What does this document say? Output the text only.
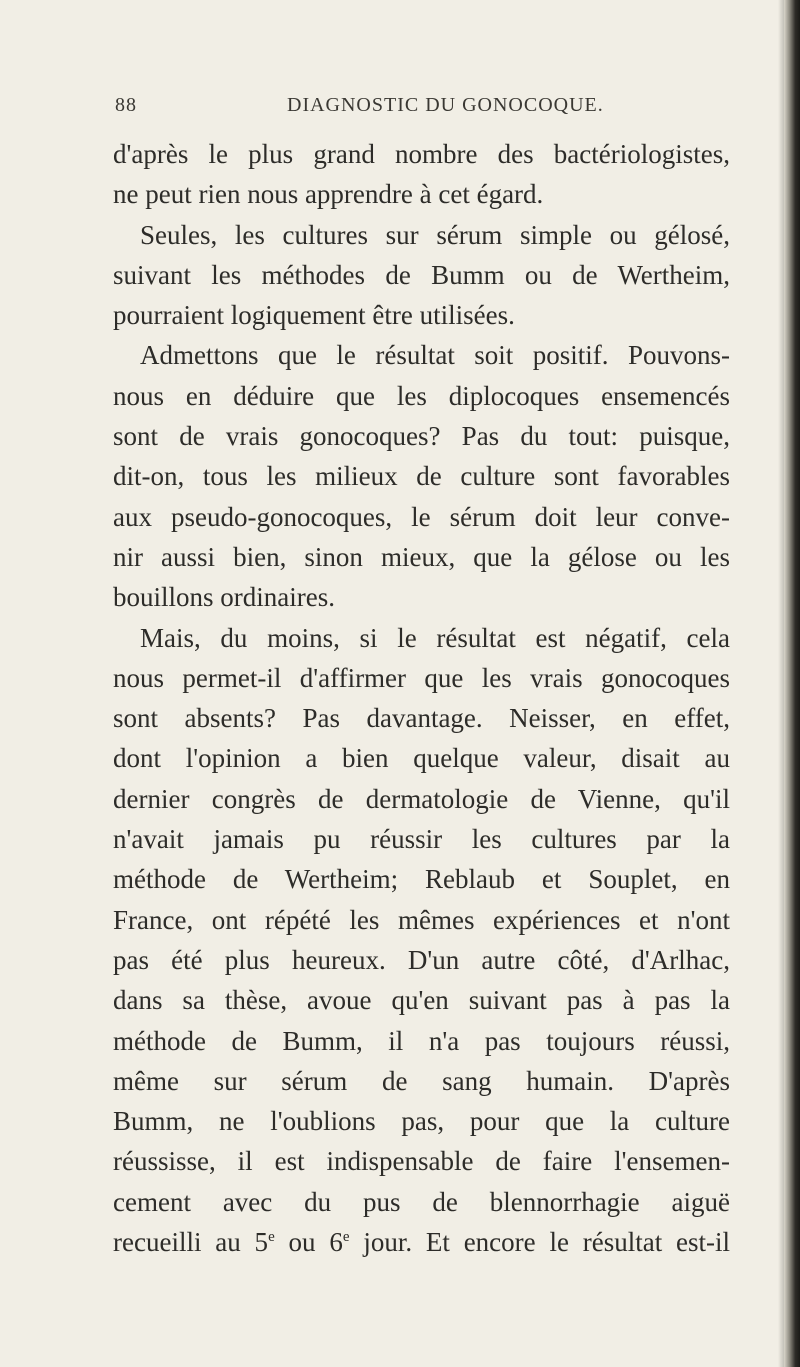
88	DIAGNOSTIC DU GONOCOQUE.
d'après le plus grand nombre des bactériologistes,
ne peut rien nous apprendre à cet égard.
Seules, les cultures sur sérum simple ou gélosé,
suivant les méthodes de Bumm ou de Wertheim,
pourraient logiquement être utilisées.
Admettons que le résultat soit positif. Pouvons-
nous en déduire que les diplocoques ensemencés
sont de vrais gonocoques? Pas du tout: puisque,
dit-on, tous les milieux de culture sont favorables
aux pseudo-gonocoques, le sérum doit leur conve-
nir aussi bien, sinon mieux, que la gélose ou les
bouillons ordinaires.
Mais, du moins, si le résultat est négatif, cela
nous permet-il d'affirmer que les vrais gonocoques
sont absents? Pas davantage. Neisser, en effet,
dont l'opinion a bien quelque valeur, disait au
dernier congrès de dermatologie de Vienne, qu'il
n'avait jamais pu réussir les cultures par la
méthode de Wertheim; Reblaub et Souplet, en
France, ont répété les mêmes expériences et n'ont
pas été plus heureux. D'un autre côté, d'Arlhac,
dans sa thèse, avoue qu'en suivant pas à pas la
méthode de Bumm, il n'a pas toujours réussi,
même sur sérum de sang humain. D'après
Bumm, ne l'oublions pas, pour que la culture
réussisse, il est indispensable de faire l'ensemen-
cement avec du pus de blennorrhagie aiguë
recueilli au 5e ou 6e jour. Et encore le résultat est-il
